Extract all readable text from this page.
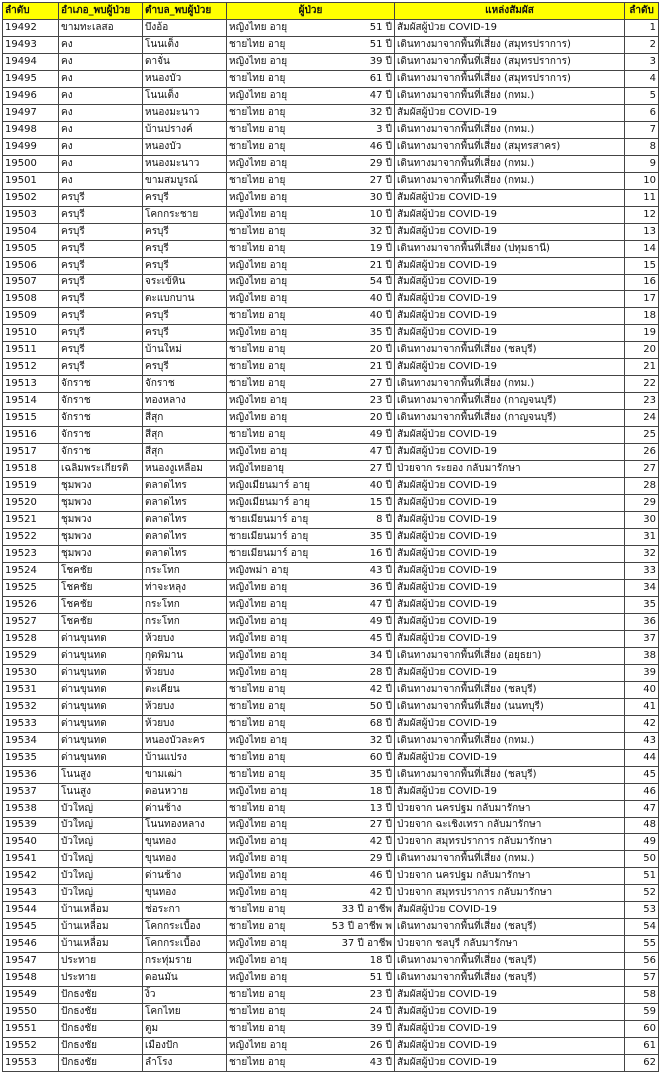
ลำดับ	อำเภอ_พบผู้ป่วย	ตำบล_พบผู้ป่วย	ผู้ป่วย	แหล่งสัมผัส	ลำดับ
19492	ขามทะเลสอ	บึงอ้อ	หญิงไทย อายุ 51 ปี	สัมผัสผู้ป่วย COVID-19	1
19493	คง	โนนเต็ง	ชายไทย อายุ 51 ปี	เดินทางมาจากพื้นที่เสี่ยง (สมุทรปราการ)	2
19494	คง	ดาจั่น	หญิงไทย อายุ 39 ปี	เดินทางมาจากพื้นที่เสี่ยง (สมุทรปราการ)	3
19495	คง	หนองบัว	ชายไทย อายุ 61 ปี	เดินทางมาจากพื้นที่เสี่ยง (สมุทรปราการ)	4
19496	คง	โนนเต็ง	หญิงไทย อายุ 47 ปี	เดินทางมาจากพื้นที่เสี่ยง (กทม.)	5
19497	คง	หนองมะนาว	ชายไทย อายุ 32 ปี	สัมผัสผู้ป่วย COVID-19	6
19498	คง	บ้านปรางค์	ชายไทย อายุ 3 ปี	เดินทางมาจากพื้นที่เสี่ยง (กทม.)	7
19499	คง	หนองบัว	ชายไทย อายุ 46 ปี	เดินทางมาจากพื้นที่เสี่ยง (สมุทรสาคร)	8
19500	คง	หนองมะนาว	หญิงไทย อายุ 29 ปี	เดินทางมาจากพื้นที่เสี่ยง (กทม.)	9
19501	คง	ขามสมบูรณ์	ชายไทย อายุ 27 ปี	เดินทางมาจากพื้นที่เสี่ยง (กทม.)	10
19502	ครบุรี	ครบุรี	หญิงไทย อายุ 30 ปี	สัมผัสผู้ป่วย COVID-19	11
19503	ครบุรี	โคกกระชาย	หญิงไทย อายุ 10 ปี	สัมผัสผู้ป่วย COVID-19	12
19504	ครบุรี	ครบุรี	ชายไทย อายุ 32 ปี	สัมผัสผู้ป่วย COVID-19	13
19505	ครบุรี	ครบุรี	ชายไทย อายุ 19 ปี	เดินทางมาจากพื้นที่เสี่ยง (ปทุมธานี)	14
19506	ครบุรี	ครบุรี	หญิงไทย อายุ 21 ปี	สัมผัสผู้ป่วย COVID-19	15
19507	ครบุรี	จระเข้หิน	หญิงไทย อายุ 54 ปี	สัมผัสผู้ป่วย COVID-19	16
19508	ครบุรี	ตะแบกบาน	หญิงไทย อายุ 40 ปี	สัมผัสผู้ป่วย COVID-19	17
19509	ครบุรี	ครบุรี	ชายไทย อายุ 40 ปี	สัมผัสผู้ป่วย COVID-19	18
19510	ครบุรี	ครบุรี	หญิงไทย อายุ 35 ปี	สัมผัสผู้ป่วย COVID-19	19
19511	ครบุรี	บ้านใหม่	ชายไทย อายุ 20 ปี	เดินทางมาจากพื้นที่เสี่ยง (ชลบุรี)	20
19512	ครบุรี	ครบุรี	ชายไทย อายุ 21 ปี	สัมผัสผู้ป่วย COVID-19	21
19513	จักราช	จักราช	ชายไทย อายุ 27 ปี	เดินทางมาจากพื้นที่เสี่ยง (กทม.)	22
19514	จักราช	ทองหลาง	หญิงไทย อายุ 23 ปี	เดินทางมาจากพื้นที่เสี่ยง (กาญจนบุรี)	23
19515	จักราช	สีสุก	หญิงไทย อายุ 20 ปี	เดินทางมาจากพื้นที่เสี่ยง (กาญจนบุรี)	24
19516	จักราช	สีสุก	ชายไทย อายุ 49 ปี	สัมผัสผู้ป่วย COVID-19	25
19517	จักราช	สีสุก	หญิงไทย อายุ 47 ปี	สัมผัสผู้ป่วย COVID-19	26
19518	เฉลิมพระเกียรติ	หนองงูเหลือม	หญิงไทยอายุ 27 ปี	ป่วยจาก ระยอง กลับมารักษา	27
19519	ชุมพวง	ตลาดไทร	หญิงเมียนมาร์ อายุ 40 ปี	สัมผัสผู้ป่วย COVID-19	28
19520	ชุมพวง	ตลาดไทร	หญิงเมียนมาร์ อายุ 15 ปี	สัมผัสผู้ป่วย COVID-19	29
19521	ชุมพวง	ตลาดไทร	ชายเมียนมาร์ อายุ 8 ปี	สัมผัสผู้ป่วย COVID-19	30
19522	ชุมพวง	ตลาดไทร	ชายเมียนมาร์ อายุ 35 ปี	สัมผัสผู้ป่วย COVID-19	31
19523	ชุมพวง	ตลาดไทร	ชายเมียนมาร์ อายุ 16 ปี	สัมผัสผู้ป่วย COVID-19	32
19524	โชคชัย	กระโทก	หญิงพม่า อายุ 43 ปี	สัมผัสผู้ป่วย COVID-19	33
19525	โชคชัย	ท่าจะหลุง	หญิงไทย อายุ 36 ปี	สัมผัสผู้ป่วย COVID-19	34
19526	โชคชัย	กระโทก	หญิงไทย อายุ 47 ปี	สัมผัสผู้ป่วย COVID-19	35
19527	โชคชัย	กระโทก	หญิงไทย อายุ 49 ปี	สัมผัสผู้ป่วย COVID-19	36
19528	ด่านขุนทด	ห้วยบง	หญิงไทย อายุ 45 ปี	สัมผัสผู้ป่วย COVID-19	37
19529	ด่านขุนทด	กุดพิมาน	หญิงไทย อายุ 34 ปี	เดินทางมาจากพื้นที่เสี่ยง (อยุธยา)	38
19530	ด่านขุนทด	ห้วยบง	หญิงไทย อายุ 28 ปี	สัมผัสผู้ป่วย COVID-19	39
19531	ด่านขุนทด	ตะเคียน	ชายไทย อายุ 42 ปี	เดินทางมาจากพื้นที่เสี่ยง (ชลบุรี)	40
19532	ด่านขุนทด	ห้วยบง	ชายไทย อายุ 50 ปี	เดินทางมาจากพื้นที่เสี่ยง (นนทบุรี)	41
19533	ด่านขุนทด	ห้วยบง	ชายไทย อายุ 68 ปี	สัมผัสผู้ป่วย COVID-19	42
19534	ด่านขุนทด	หนองบัวละคร	หญิงไทย อายุ 32 ปี	เดินทางมาจากพื้นที่เสี่ยง (กทม.)	43
19535	ด่านขุนทด	บ้านแปรง	ชายไทย อายุ 60 ปี	สัมผัสผู้ป่วย COVID-19	44
19536	โนนสูง	ขามเฒ่า	ชายไทย อายุ 35 ปี	เดินทางมาจากพื้นที่เสี่ยง (ชลบุรี)	45
19537	โนนสูง	ดอนหวาย	หญิงไทย อายุ 18 ปี	สัมผัสผู้ป่วย COVID-19	46
19538	บัวใหญ่	ด่านช้าง	ชายไทย อายุ 13 ปี	ป่วยจาก นครปฐม กลับมารักษา	47
19539	บัวใหญ่	โนนทองหลาง	หญิงไทย อายุ 27 ปี	ป่วยจาก ฉะเชิงเทรา กลับมารักษา	48
19540	บัวใหญ่	ขุนทอง	หญิงไทย อายุ 42 ปี	ป่วยจาก สมุทรปราการ กลับมารักษา	49
19541	บัวใหญ่	ขุนทอง	หญิงไทย อายุ 29 ปี	เดินทางมาจากพื้นที่เสี่ยง (กทม.)	50
19542	บัวใหญ่	ด่านช้าง	หญิงไทย อายุ 46 ปี	ป่วยจาก นครปฐม กลับมารักษา	51
19543	บัวใหญ่	ขุนทอง	หญิงไทย อายุ 42 ปี	ป่วยจาก สมุทรปราการ กลับมารักษา	52
19544	บ้านเหลื่อม	ช่อระกา	ชายไทย อายุ 33 ปี อาชีพ	สัมผัสผู้ป่วย COVID-19	53
19545	บ้านเหลื่อม	โคกกระเบื้อง	ชายไทย อายุ 53 ปี อาชีพ พ	เดินทางมาจากพื้นที่เสี่ยง (ชลบุรี)	54
19546	บ้านเหลื่อม	โคกกระเบื้อง	หญิงไทย อายุ 37 ปี อาชีพ	ป่วยจาก ชลบุรี กลับมารักษา	55
19547	ประทาย	กระทุ่มราย	หญิงไทย อายุ 18 ปี	เดินทางมาจากพื้นที่เสี่ยง (ชลบุรี)	56
19548	ประทาย	ดอนมัน	หญิงไทย อายุ 51 ปี	เดินทางมาจากพื้นที่เสี่ยง (ชลบุรี)	57
19549	ปักธงชัย	งิ้ว	ชายไทย อายุ 23 ปี	สัมผัสผู้ป่วย COVID-19	58
19550	ปักธงชัย	โคกไทย	ชายไทย อายุ 24 ปี	สัมผัสผู้ป่วย COVID-19	59
19551	ปักธงชัย	ตูม	ชายไทย อายุ 39 ปี	สัมผัสผู้ป่วย COVID-19	60
19552	ปักธงชัย	เมืองปัก	หญิงไทย อายุ 26 ปี	สัมผัสผู้ป่วย COVID-19	61
19553	ปักธงชัย	ลำโรง	ชายไทย อายุ 43 ปี	สัมผัสผู้ป่วย COVID-19	62
